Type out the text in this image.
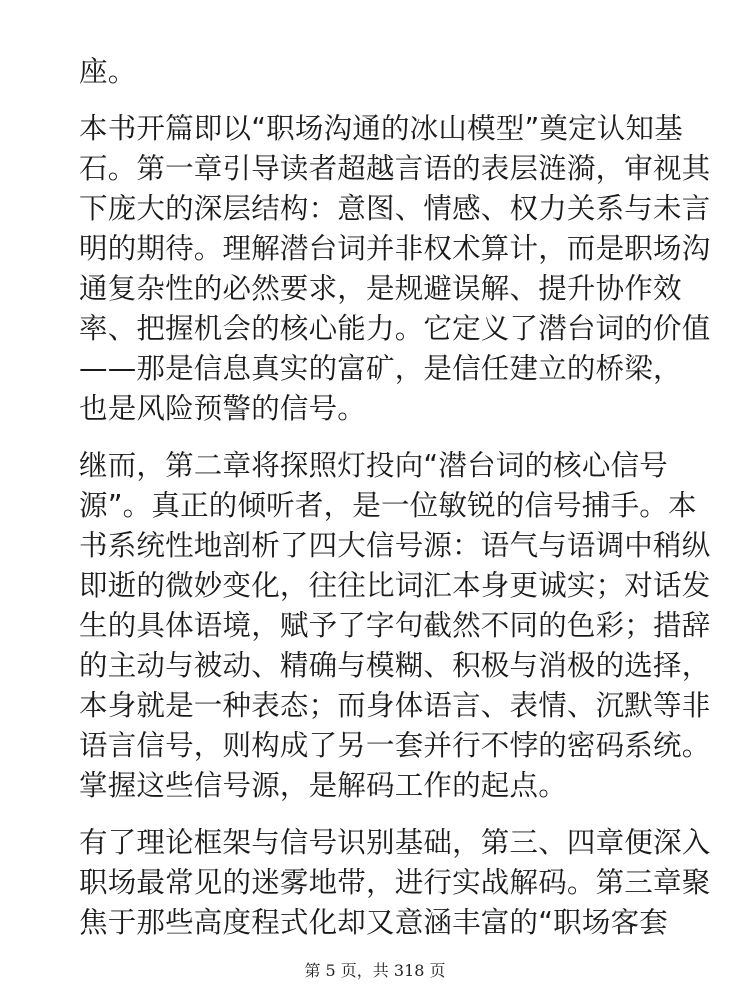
座。
本书开篇即以“职场沟通的冰山模型”奠定认知基
石。第一章引导读者超越言语的表层涟漪，审视其
下庞大的深层结构：意图、情感、权力关系与未言
明的期待。理解潜台词并非权术算计，而是职场沟
通复杂性的必然要求，是规避误解、提升协作效
率、把握机会的核心能力。它定义了潜台词的价值
——那是信息真实的富矿，是信任建立的桥梁，
也是风险预警的信号。
继而，第二章将探照灯投向“潜台词的核心信号
源”。真正的倾听者，是一位敏锐的信号捕手。本
书系统性地剖析了四大信号源：语气与语调中稍纵
即逝的微妙变化，往往比词汇本身更诚实；对话发
生的具体语境，赋予了字句截然不同的色彩；措辞
的主动与被动、精确与模糊、积极与消极的选择，
本身就是一种表态；而身体语言、表情、沉默等非
语言信号，则构成了另一套并行不悖的密码系统。
掌握这些信号源，是解码工作的起点。
有了理论框架与信号识别基础，第三、四章便深入
职场最常见的迷雾地带，进行实战解码。第三章聚
焦于那些高度程式化却又意涵丰富的“职场客套
第 5 页，共 318 页
